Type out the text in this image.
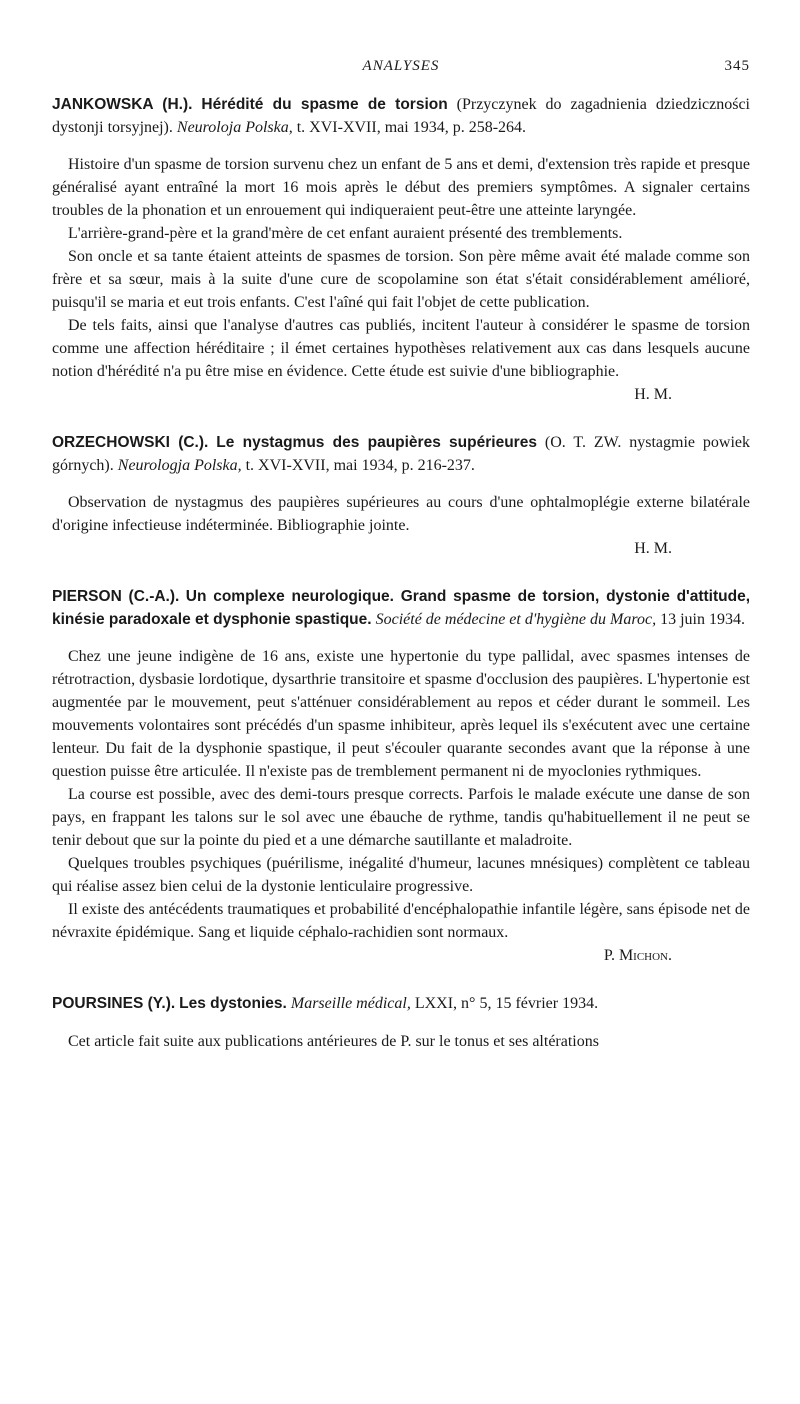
ANALYSES	345

JANKOWSKA (H.). Hérédité du spasme de torsion (Przyczynek do zagadnienia dziedziczności dystonji torsyjnej). Neuroloja Polska, t. XVI-XVII, mai 1934, p. 258-264.

Histoire d'un spasme de torsion survenu chez un enfant de 5 ans et demi, d'extension très rapide et presque généralisé ayant entraîné la mort 16 mois après le début des premiers symptômes. A signaler certains troubles de la phonation et un enrouement qui indiqueraient peut-être une atteinte laryngée.

L'arrière-grand-père et la grand'mère de cet enfant auraient présenté des tremblements.

Son oncle et sa tante étaient atteints de spasmes de torsion. Son père même avait été malade comme son frère et sa sœur, mais à la suite d'une cure de scopolamine son état s'était considérablement amélioré, puisqu'il se maria et eut trois enfants. C'est l'aîné qui fait l'objet de cette publication.

De tels faits, ainsi que l'analyse d'autres cas publiés, incitent l'auteur à considérer le spasme de torsion comme une affection héréditaire ; il émet certaines hypothèses relativement aux cas dans lesquels aucune notion d'hérédité n'a pu être mise en évidence. Cette étude est suivie d'une bibliographie.

H. M.

ORZECHOWSKI (C.). Le nystagmus des paupières supérieures (O. T. ZW. nystagmie powiek górnych). Neurologja Polska, t. XVI-XVII, mai 1934, p. 216-237.

Observation de nystagmus des paupières supérieures au cours d'une ophtalmoplégie externe bilatérale d'origine infectieuse indéterminée. Bibliographie jointe.

H. M.

PIERSON (C.-A.). Un complexe neurologique. Grand spasme de torsion, dystonie d'attitude, kinésie paradoxale et dysphonie spastique. Société de médecine et d'hygiène du Maroc, 13 juin 1934.

Chez une jeune indigène de 16 ans, existe une hypertonie du type pallidal, avec spasmes intenses de rétrotraction, dysbasie lordotique, dysarthrie transitoire et spasme d'occlusion des paupières. L'hypertonie est augmentée par le mouvement, peut s'atténuer considérablement au repos et céder durant le sommeil. Les mouvements volontaires sont précédés d'un spasme inhibiteur, après lequel ils s'exécutent avec une certaine lenteur. Du fait de la dysphonie spastique, il peut s'écouler quarante secondes avant que la réponse à une question puisse être articulée. Il n'existe pas de tremblement permanent ni de myoclonies rythmiques.

La course est possible, avec des demi-tours presque corrects. Parfois le malade exécute une danse de son pays, en frappant les talons sur le sol avec une ébauche de rythme, tandis qu'habituellement il ne peut se tenir debout que sur la pointe du pied et a une démarche sautillante et maladroite.

Quelques troubles psychiques (puérilisme, inégalité d'humeur, lacunes mnésiques) complètent ce tableau qui réalise assez bien celui de la dystonie lenticulaire progressive.

Il existe des antécédents traumatiques et probabilité d'encéphalopathie infantile légère, sans épisode net de névraxite épidémique. Sang et liquide céphalo-rachidien sont normaux.

P. Michon.

POURSINES (Y.). Les dystonies. Marseille médical, LXXI, n° 5, 15 février 1934.

Cet article fait suite aux publications antérieures de P. sur le tonus et ses altérations
